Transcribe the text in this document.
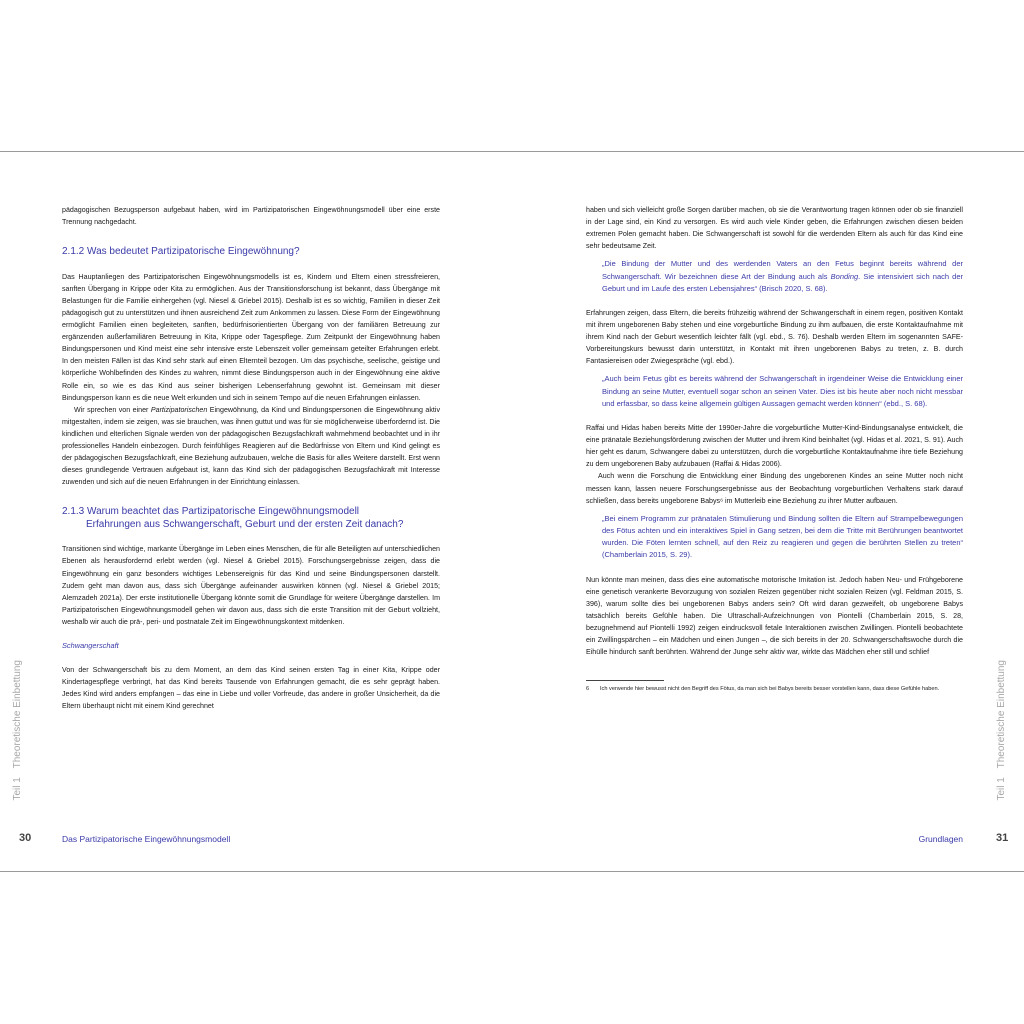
pädagogischen Bezugsperson aufgebaut haben, wird im Partizipatorischen Eingewöhnungsmodell über eine erste Trennung nachgedacht.

2.1.2 Was bedeutet Partizipatorische Eingewöhnung?

Das Hauptanliegen des Partizipatorischen Eingewöhnungsmodells ist es, Kindern und Eltern einen stressfreieren, sanften Übergang in Krippe oder Kita zu ermöglichen. Aus der Transitionsforschung ist bekannt, dass Übergänge mit Belastungen für die Familie einhergehen (vgl. Niesel & Griebel 2015). Deshalb ist es so wichtig, Familien in dieser Zeit pädagogisch gut zu unterstützen und ihnen ausreichend Zeit zum Ankommen zu lassen. Diese Form der Eingewöhnung ermöglicht Familien einen begleiteten, sanften, bedürfnisorientierten Übergang von der familiären Betreuung zur ergänzenden außerfamiliären Betreuung in Kita, Krippe oder Tagespflege. Zum Zeitpunkt der Eingewöhnung haben Bindungspersonen und Kind meist eine sehr intensive erste Lebenszeit voller gemeinsam geteilter Erfahrungen erlebt. In den meisten Fällen ist das Kind sehr stark auf einen Elternteil bezogen. Um das psychische, seelische, geistige und körperliche Wohlbefinden des Kindes zu wahren, nimmt diese Bindungsperson auch in der Eingewöhnung eine aktive Rolle ein, so wie es das Kind aus seiner bisherigen Lebenserfahrung gewohnt ist. Gemeinsam mit dieser Bindungsperson kann es die neue Welt erkunden und sich in seinem Tempo auf die neuen Erfahrungen einlassen.

Wir sprechen von einer Partizipatorischen Eingewöhnung, da Kind und Bindungspersonen die Eingewöhnung aktiv mitgestalten, indem sie zeigen, was sie brauchen, was ihnen guttut und was für sie möglicherweise überfordernd ist. Die kindlichen und elterlichen Signale werden von der pädagogischen Bezugsfachkraft wahrnehmend beobachtet und in ihr professionelles Handeln einbezogen. Durch feinfühliges Reagieren auf die Bedürfnisse von Eltern und Kind gelingt es der pädagogischen Bezugsfachkraft, eine Beziehung aufzubauen, welche die Basis für alles Weitere darstellt. Erst wenn dieses grundlegende Vertrauen aufgebaut ist, kann das Kind sich der pädagogischen Bezugsfachkraft mit Interesse zuwenden und sich auf die neuen Erfahrungen in der Einrichtung einlassen.

2.1.3 Warum beachtet das Partizipatorische Eingewöhnungsmodell

Erfahrungen aus Schwangerschaft, Geburt und der ersten Zeit danach?

Transitionen sind wichtige, markante Übergänge im Leben eines Menschen, die für alle Beteiligten auf unterschiedlichen Ebenen als herausfordernd erlebt werden (vgl. Niesel & Griebel 2015). Forschungsergebnisse zeigen, dass die Eingewöhnung ein ganz besonders wichtiges Lebensereignis für das Kind und seine Bindungspersonen darstellt. Zudem geht man davon aus, dass sich Übergänge aufeinander auswirken können (vgl. Niesel & Griebel 2015; Alemzadeh 2021a). Der erste institutionelle Übergang könnte somit die Grundlage für weitere Übergänge darstellen. Im Partizipatorischen Eingewöhnungsmodell gehen wir davon aus, dass sich die erste Transition mit der Geburt vollzieht, weshalb wir auch die prä-, peri- und postnatale Zeit im Eingewöhnungskontext mitdenken.

Schwangerschaft

Von der Schwangerschaft bis zu dem Moment, an dem das Kind seinen ersten Tag in einer Kita, Krippe oder Kindertagespflege verbringt, hat das Kind bereits Tausende von Erfahrungen gemacht, die es sehr geprägt haben. Jedes Kind wird anders empfangen – das eine in Liebe und voller Vorfreude, das andere in großer Unsicherheit, da die Eltern überhaupt nicht mit einem Kind gerechnet

Teil 1 Theoretische Einbettung
30	Das Partizipatorische Eingewöhnungsmodell

haben und sich vielleicht große Sorgen darüber machen, ob sie die Verantwortung tragen können oder ob sie finanziell in der Lage sind, ein Kind zu versorgen. Es wird auch viele Kinder geben, die Erfahrungen zwischen diesen beiden extremen Polen gemacht haben. Die Schwangerschaft ist sowohl für die werdenden Eltern als auch für das Kind eine sehr bedeutsame Zeit.

„Die Bindung der Mutter und des werdenden Vaters an den Fetus beginnt bereits während der Schwangerschaft. Wir bezeichnen diese Art der Bindung auch als Bonding. Sie intensiviert sich nach der Geburt und im Laufe des ersten Lebensjahres“ (Brisch 2020, S. 68).

Erfahrungen zeigen, dass Eltern, die bereits frühzeitig während der Schwangerschaft in einem regen, positiven Kontakt mit ihrem ungeborenen Baby stehen und eine vorgeburtliche Bindung zu ihm aufbauen, die erste Kontaktaufnahme mit ihrem Kind nach der Geburt wesentlich leichter fällt (vgl. ebd., S. 76). Deshalb werden Eltern im sogenannten SAFE-Vorbereitungskurs bewusst darin unterstützt, in Kontakt mit ihren ungeborenen Babys zu treten, z. B. durch Fantasiereisen oder Zwiegespräche (vgl. ebd.).

„Auch beim Fetus gibt es bereits während der Schwangerschaft in irgendeiner Weise die Entwicklung einer Bindung an seine Mutter, eventuell sogar schon an seinen Vater. Dies ist bis heute aber noch nicht messbar und erfassbar, so dass keine allgemein gültigen Aussagen gemacht werden können“ (ebd., S. 68).

Raffai und Hidas haben bereits Mitte der 1990er-Jahre die vorgeburtliche Mutter-Kind-Bindungsanalyse entwickelt, die eine pränatale Beziehungsförderung zwischen der Mutter und ihrem Kind beinhaltet (vgl. Hidas et al. 2021, S. 91). Auch hier geht es darum, Schwangere dabei zu unterstützen, durch die vorgeburtliche Kontaktaufnahme ihre tiefe Beziehung zu dem ungeborenen Baby aufzubauen (Raffai & Hidas 2006).

Auch wenn die Forschung die Entwicklung einer Bindung des ungeborenen Kindes an seine Mutter noch nicht messen kann, lassen neuere Forschungsergebnisse aus der Beobachtung vorgeburtlichen Verhaltens stark darauf schließen, dass bereits ungeborene Babys⁶ im Mutterleib eine Beziehung zu ihrer Mutter aufbauen.

„Bei einem Programm zur pränatalen Stimulierung und Bindung sollten die Eltern auf Strampelbewegungen des Fötus achten und ein interaktives Spiel in Gang setzen, bei dem die Tritte mit Berührungen beantwortet wurden. Die Föten lernten schnell, auf den Reiz zu reagieren und gegen die berührten Stellen zu treten“ (Chamberlain 2015, S. 29).

Nun könnte man meinen, dass dies eine automatische motorische Imitation ist. Jedoch haben Neu- und Frühgeborene eine genetisch verankerte Bevorzugung von sozialen Reizen gegenüber nicht sozialen Reizen (vgl. Feldman 2015, S. 396), warum sollte dies bei ungeborenen Babys anders sein? Oft wird daran gezweifelt, ob ungeborene Babys tatsächlich bereits Gefühle haben. Die Ultraschall-Aufzeichnungen von Piontelli (Chamberlain 2015, S. 28, bezugnehmend auf Piontelli 1992) zeigen eindrucksvoll fetale Interaktionen zwischen Zwillingen. Piontelli beobachtete ein Zwillingspärchen – ein Mädchen und einen Jungen –, die sich bereits in der 20. Schwangerschaftswoche durch die Eihülle hindurch sanft berührten. Während der Junge sehr aktiv war, wirkte das Mädchen eher still und schlief

6	Ich verwende hier bewusst nicht den Begriff des Fötus, da man sich bei Babys bereits besser vorstellen kann, dass diese Gefühle haben.
Grundlagen	31
Teil 1 Theoretische Einbettung
